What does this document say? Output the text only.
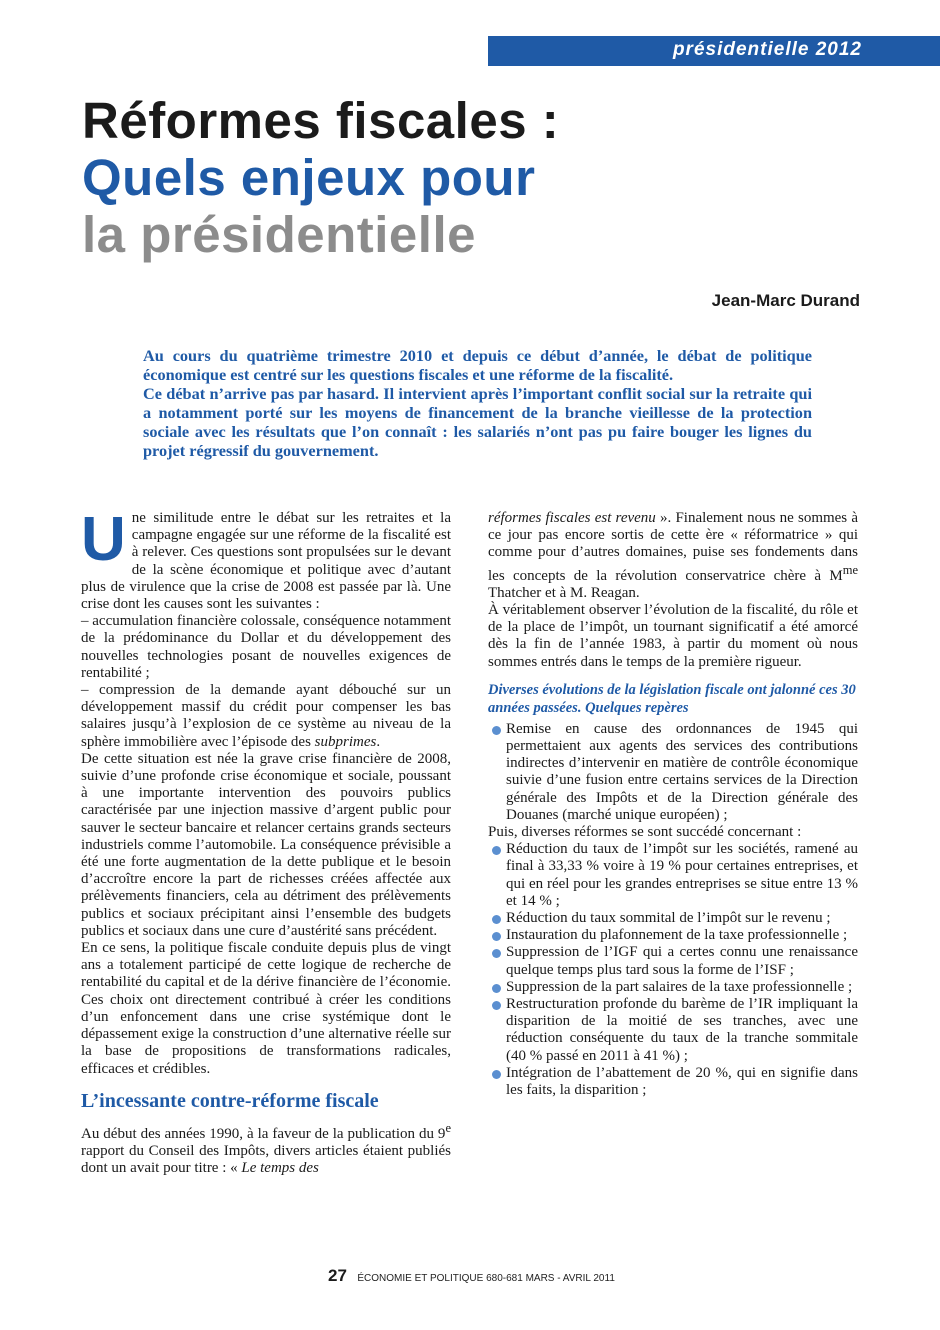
présidentielle 2012
Réformes fiscales :
Quels enjeux pour
la présidentielle
Jean-Marc Durand

Au cours du quatrième trimestre 2010 et depuis ce début d’année, le débat de politique économique est centré sur les questions fiscales et une réforme de la fiscalité.

Ce débat n’arrive pas par hasard. Il intervient après l’important conflit social sur la retraite qui a notamment porté sur les moyens de financement de la branche vieillesse de la protection sociale avec les résultats que l’on connaît : les salariés n’ont pas pu faire bouger les lignes du projet régressif du gouvernement.

Une similitude entre le débat sur les retraites et la campagne engagée sur une réforme de la fiscalité est à relever. Ces questions sont propulsées sur le devant de la scène économique et politique avec d’autant plus de virulence que la crise de 2008 est passée par là. Une crise dont les causes sont les suivantes :

– accumulation financière colossale, conséquence notamment de la prédominance du Dollar et du développement des nouvelles technologies posant de nouvelles exigences de rentabilité ;

– compression de la demande ayant débouché sur un développement massif du crédit pour compenser les bas salaires jusqu’à l’explosion de ce système au niveau de la sphère immobilière avec l’épisode des subprimes.

De cette situation est née la grave crise financière de 2008, suivie d’une profonde crise économique et sociale, poussant à une importante intervention des pouvoirs publics caractérisée par une injection massive d’argent public pour sauver le secteur bancaire et relancer certains grands secteurs industriels comme l’automobile. La conséquence prévisible a été une forte augmentation de la dette publique et le besoin d’accroître encore la part de richesses créées affectée aux prélèvements financiers, cela au détriment des prélèvements publics et sociaux précipitant ainsi l’ensemble des budgets publics et sociaux dans une cure d’austérité sans précédent.

En ce sens, la politique fiscale conduite depuis plus de vingt ans a totalement participé de cette logique de recherche de rentabilité du capital et de la dérive financière de l’économie. Ces choix ont directement contribué à créer les conditions d’un enfoncement dans une crise systémique dont le dépassement exige la construction d’une alternative réelle sur la base de propositions de transformations radicales, efficaces et crédibles.

L’incessante contre-réforme fiscale

Au début des années 1990, à la faveur de la publication du 9e rapport du Conseil des Impôts, divers articles étaient publiés dont un avait pour titre : « Le temps des

réformes fiscales est revenu ». Finalement nous ne sommes à ce jour pas encore sortis de cette ère « réformatrice » qui comme pour d’autres domaines, puise ses fondements dans les concepts de la révolution conservatrice chère à $M^{me}$ Thatcher et à M. Reagan.

À véritablement observer l’évolution de la fiscalité, du rôle et de la place de l’impôt, un tournant significatif a été amorcé dès la fin de l’année 1983, à partir du moment où nous sommes entrés dans le temps de la première rigueur.

Diverses évolutions de la législation fiscale ont jalonné ces 30 années passées. Quelques repères

Remise en cause des ordonnances de 1945 qui permettaient aux agents des services des contributions indirectes d’intervenir en matière de contrôle économique suivie d’une fusion entre certains services de la Direction générale des Impôts et de la Direction générale des Douanes (marché unique européen) ;

Puis, diverses réformes se sont succédé concernant :

Réduction du taux de l’impôt sur les sociétés, ramené au final à 33,33 % voire à 19 % pour certaines entreprises, et qui en réel pour les grandes entreprises se situe entre 13 % et 14 % ;

Réduction du taux sommital de l’impôt sur le revenu ;

Instauration du plafonnement de la taxe professionnelle ;

Suppression de l’IGF qui a certes connu une renaissance quelque temps plus tard sous la forme de l’ISF ;

Suppression de la part salaires de la taxe professionnelle ;

Restructuration profonde du barème de l’IR impliquant la disparition de la moitié de ses tranches, avec une réduction conséquente du taux de la tranche sommitale (40 % passé en 2011 à 41 %) ;

Intégration de l’abattement de 20 %, qui en signifie dans les faits, la disparition ;

27 ÉCONOMIE ET POLITIQUE 680-681 MARS - AVRIL 2011
